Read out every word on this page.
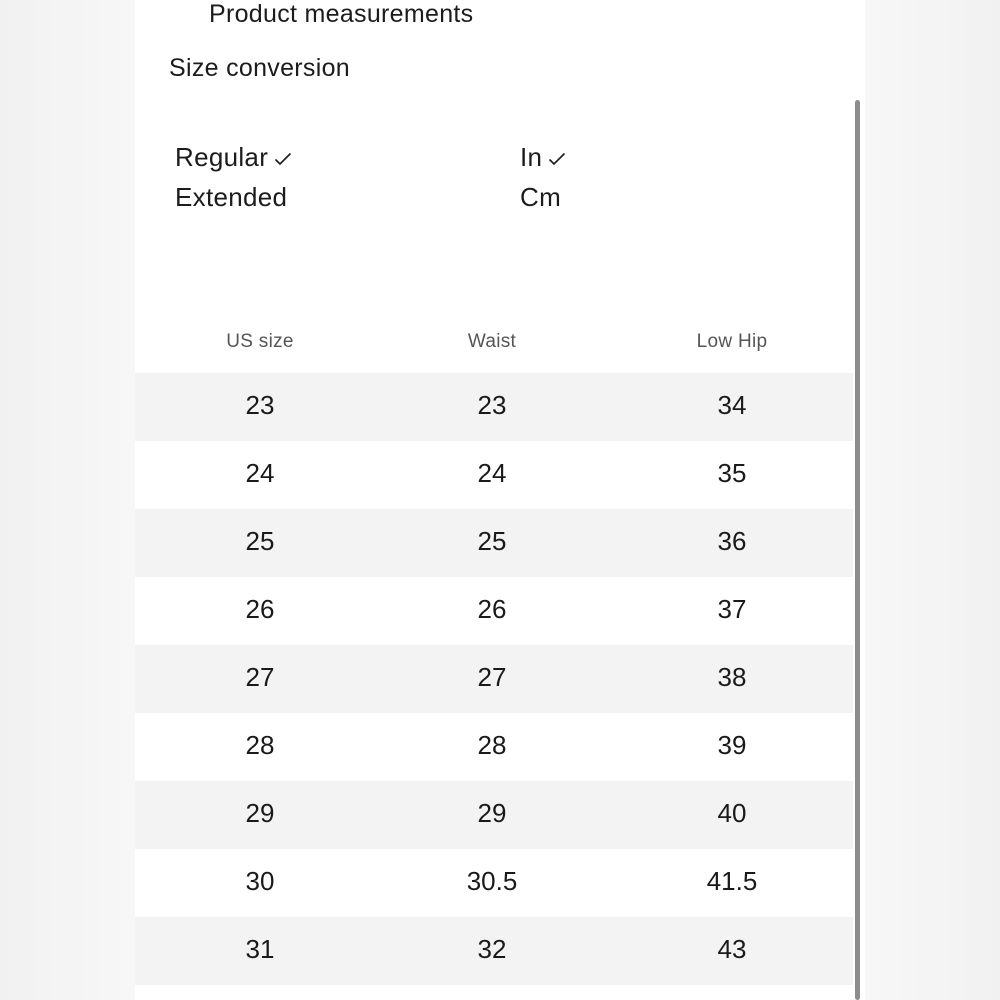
Product measurements
Size conversion
Regular
Extended
In
Cm
US size	Waist	Low Hip
23	23	34
24	24	35
25	25	36
26	26	37
27	27	38
28	28	39
29	29	40
30	30.5	41.5
31	32	43
